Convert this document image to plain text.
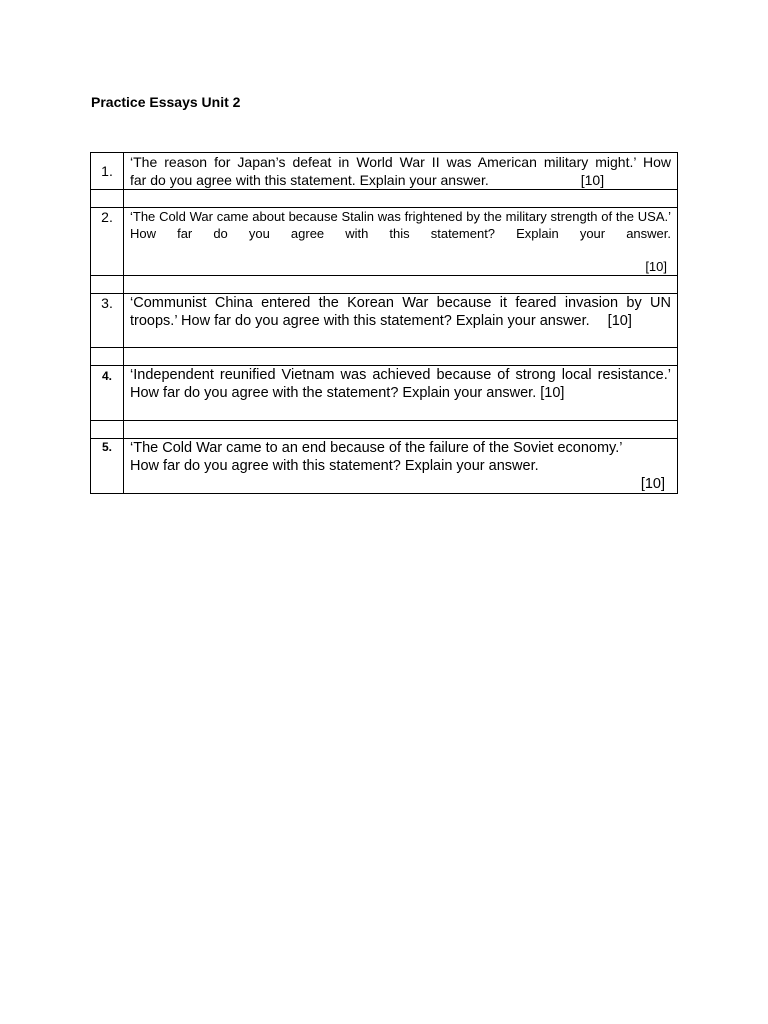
Practice Essays Unit 2
1.	‘The reason for Japan’s defeat in World War II was American military might.’ How
far do you agree with this statement. Explain your answer. [10]

2.	‘The Cold War came about because Stalin was frightened by the military strength of the USA.’ How far do you agree with this statement? Explain your answer.
[10]

3.	‘Communist China entered the Korean War because it feared invasion by UN
troops.’ How far do you agree with this statement? Explain your answer. [10]

4.	‘Independent reunified Vietnam was achieved because of strong local resistance.’ How far do you agree with the statement? Explain your answer. [10]

5.	‘The Cold War came to an end because of the failure of the Soviet economy.’
How far do you agree with this statement? Explain your answer.
[10]
